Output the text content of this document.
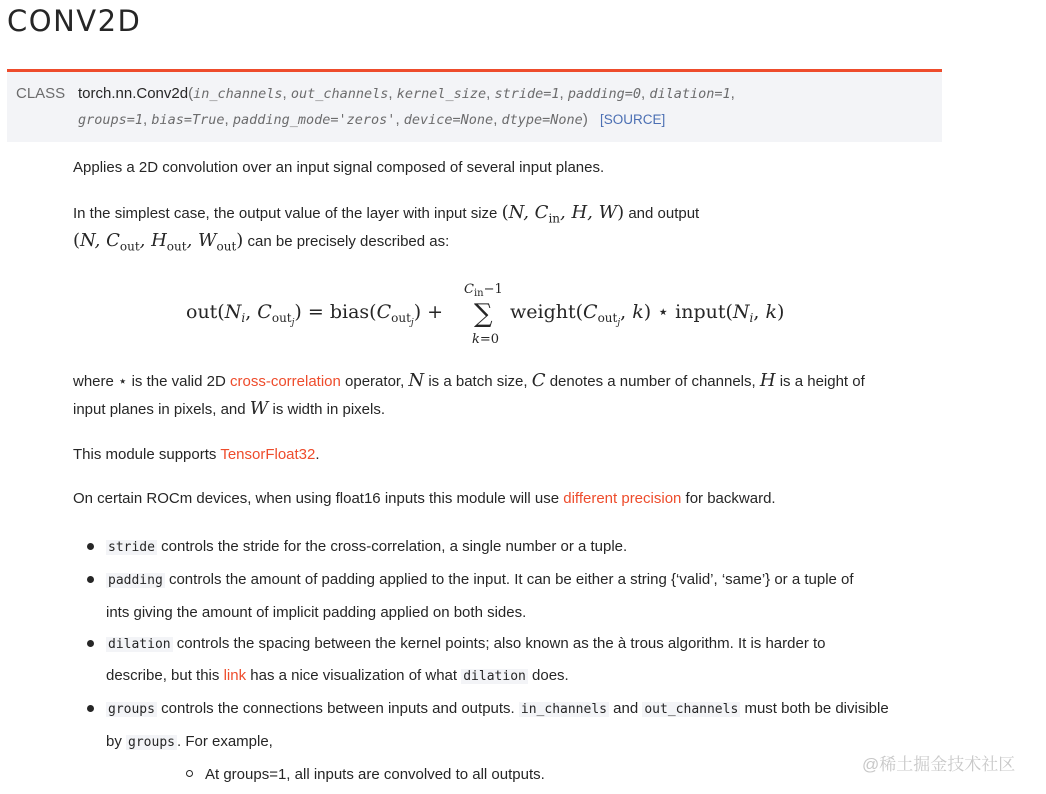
CONV2D
CLASS torch.nn.Conv2d(in_channels, out_channels, kernel_size, stride=1, padding=0, dilation=1,
groups=1, bias=True, padding_mode='zeros', device=None, dtype=None) [SOURCE]
Applies a 2D convolution over an input signal composed of several input planes.
In the simplest case, the output value of the layer with input size (N, $C_{in}$, H, W) and output
(N, $C_{out}$, $H_{out}$, $W_{out}$) can be precisely described as:
$out(N_i$, $C_{out}j$) = $bias(C_{out}j)$ +
$C_{in}-1$
∑
k=0
$weight(C_{out}j$, k) ⋆ $input(N_i$, k)
where ⋆ is the valid 2D cross-correlation operator, N is a batch size, C denotes a number of channels, H is a height of
input planes in pixels, and W is width in pixels.
This module supports TensorFloat32.
On certain ROCm devices, when using float16 inputs this module will use different precision for backward.
stride controls the stride for the cross-correlation, a single number or a tuple.
padding controls the amount of padding applied to the input. It can be either a string {‘valid’, ‘same’} or a tuple of
ints giving the amount of implicit padding applied on both sides.
dilation controls the spacing between the kernel points; also known as the à trous algorithm. It is harder to
describe, but this link has a nice visualization of what dilation does.
groups controls the connections between inputs and outputs. in_channels and out_channels must both be divisible
by groups . For example,
At groups=1, all inputs are convolved to all outputs.
@稀土掘金技术社区
